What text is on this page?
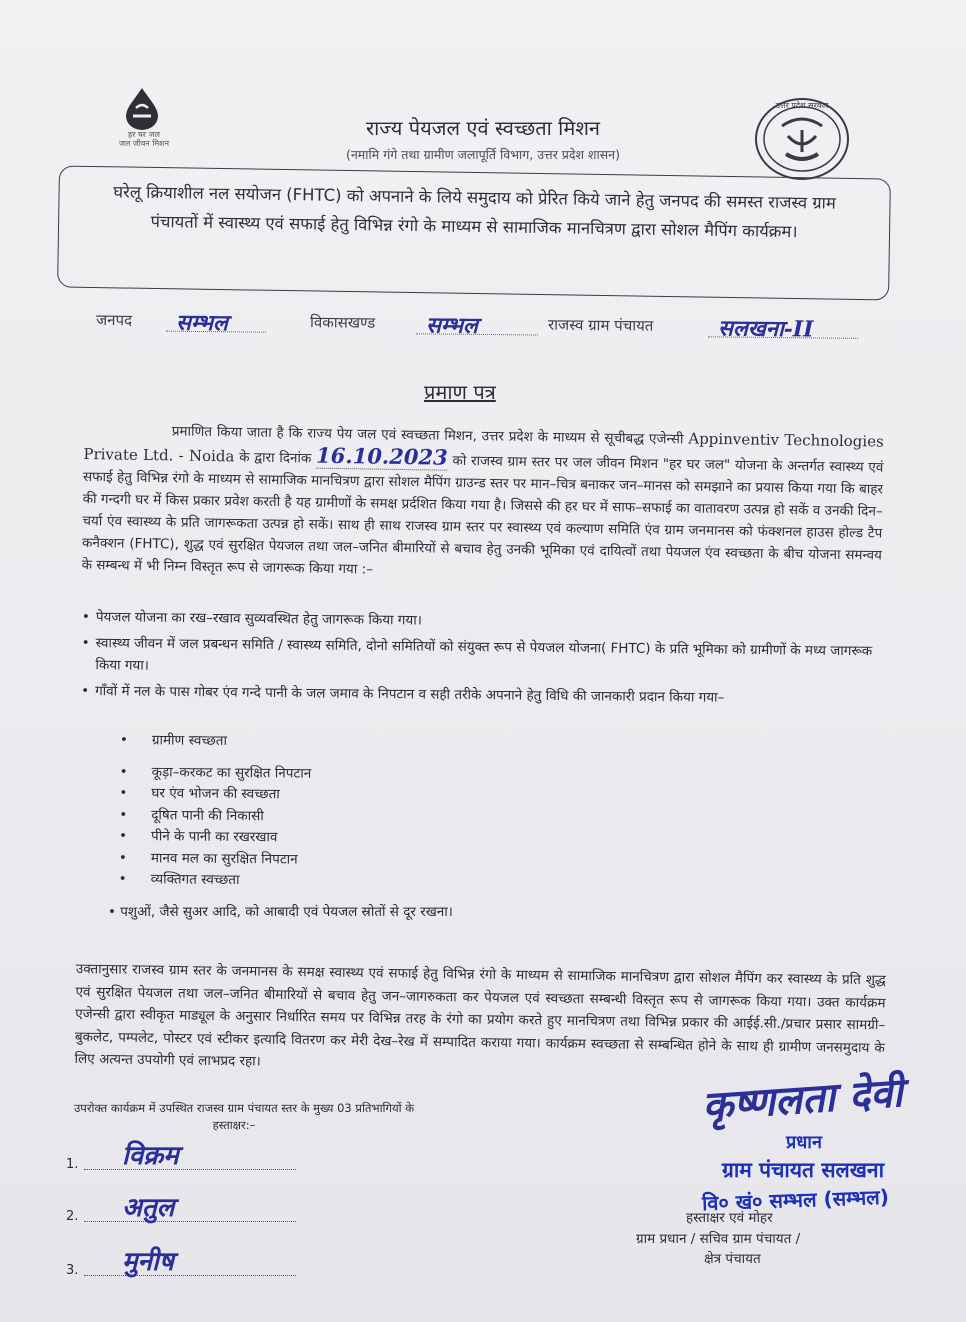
हर घर जल
जल जीवन मिशन
उत्तर प्रदेश सरकार
राज्य पेयजल एवं स्वच्छता मिशन
(नमामि गंगे तथा ग्रामीण जलापूर्ति विभाग, उत्तर प्रदेश शासन)
घरेलू क्रियाशील नल सयोजन (FHTC) को अपनाने के लिये समुदाय को प्रेरित किये जाने हेतु जनपद की समस्त राजस्व ग्राम पंचायतों में स्वास्थ्य एवं सफाई हेतु विभिन्न रंगो के माध्यम से सामाजिक मानचित्रण द्वारा सोशल मैपिंग कार्यक्रम।
जनपद सम्भल	विकासखण्ड सम्भल	राजस्व ग्राम पंचायत	सलखना-II
प्रमाण पत्र
प्रमाणित किया जाता है कि राज्य पेय जल एवं स्वच्छता मिशन, उत्तर प्रदेश के माध्यम से सूचीबद्ध एजेन्सी Appinventiv Technologies Private Ltd. - Noida के द्वारा दिनांक 16.10.2023 को राजस्व ग्राम स्तर पर जल जीवन मिशन "हर घर जल" योजना के अन्तर्गत स्वास्थ्य एवं सफाई हेतु विभिन्न रंगो के माध्यम से सामाजिक मानचित्रण द्वारा सोशल मैपिंग ग्राउन्ड स्तर पर मान–चित्र बनाकर जन–मानस को समझाने का प्रयास किया गया कि बाहर की गन्दगी घर में किस प्रकार प्रवेश करती है यह ग्रामीणों के समक्ष प्रर्दशित किया गया है। जिससे की हर घर में साफ–सफाई का वातावरण उत्पन्न हो सकें व उनकी दिन–चर्या एंव स्वास्थ्य के प्रति जागरूकता उत्पन्न हो सकें। साथ ही साथ राजस्व ग्राम स्तर पर स्वास्थ्य एवं कल्याण समिति एंव ग्राम जनमानस को फंक्शनल हाउस होल्ड टैप कनैक्शन (FHTC), शुद्ध एवं सुरक्षित पेयजल तथा जल–जनित बीमारियों से बचाव हेतु उनकी भूमिका एवं दायित्वों तथा पेयजल एंव स्वच्छता के बीच योजना समन्वय के सम्बन्ध में भी निम्न विस्तृत रूप से जागरूक किया गया :–
• पेयजल योजना का रख–रखाव सुव्यवस्थित हेतु जागरूक किया गया।
• स्वास्थ्य जीवन में जल प्रबन्धन समिति / स्वास्थ्य समिति, दोनो समितियों को संयुक्त रूप से पेयजल योजना( FHTC) के प्रति भूमिका को ग्रामीणों के मध्य जागरूक किया गया।
• गाँवों में नल के पास गोबर एंव गन्दे पानी के जल जमाव के निपटान व सही तरीके अपनाने हेतु विधि की जानकारी प्रदान किया गया–
• ग्रामीण स्वच्छता
• कूड़ा–करकट का सुरक्षित निपटान
• घर एंव भोजन की स्वच्छता
• दूषित पानी की निकासी
• पीने के पानी का रखरखाव
• मानव मल का सुरक्षित निपटान
• व्यक्तिगत स्वच्छता
• पशुओं, जैसे सुअर आदि, को आबादी एवं पेयजल स्रोतों से दूर रखना।
उक्तानुसार राजस्व ग्राम स्तर के जनमानस के समक्ष स्वास्थ्य एवं सफाई हेतु विभिन्न रंगो के माध्यम से सामाजिक मानचित्रण द्वारा सोशल मैपिंग कर स्वास्थ्य के प्रति शुद्ध एवं सुरक्षित पेयजल तथा जल–जनित बीमारियों से बचाव हेतु जन–जागरुकता कर पेयजल एवं स्वच्छता सम्बन्धी विस्तृत रूप से जागरूक किया गया। उक्त कार्यक्रम एजेन्सी द्वारा स्वीकृत माड्यूल के अनुसार निर्धारित समय पर विभिन्न तरह के रंगो का प्रयोग करते हुए मानचित्रण तथा विभिन्न प्रकार की आईई.सी./प्रचार प्रसार सामग्री–बुकलेट, पम्पलेट, पोस्टर एवं स्टीकर इत्यादि वितरण कर मेरी देख–रेख में सम्पादित कराया गया। कार्यक्रम स्वच्छता से सम्बन्धित होने के साथ ही ग्रामीण जनसमुदाय के लिए अत्यन्त उपयोगी एवं लाभप्रद रहा।
उपरोक्त कार्यक्रम में उपस्थित राजस्व ग्राम पंचायत स्तर के मुख्य 03 प्रतिभागियों के
हस्ताक्षर:–
1. विक्रम
2. अतुल
3. मुनीष
कृष्णलता देवी
प्रधान
ग्राम पंचायत सलखना
वि० खं० सम्भल (सम्भल)
हस्ताक्षर एवं मोहर
ग्राम प्रधान / सचिव ग्राम पंचायत /
क्षेत्र पंचायत
